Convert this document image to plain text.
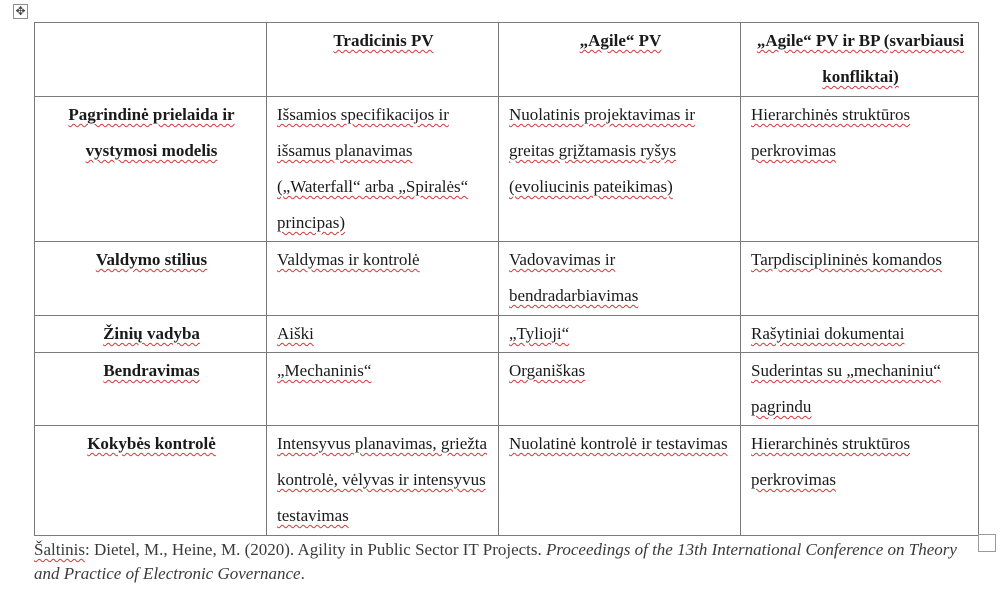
✥
	Tradicinis PV	„Agile“ PV	„Agile“ PV ir BP (svarbiausi konfliktai)
Pagrindinė prielaida ir vystymosi modelis	Išsamios specifikacijos ir išsamus planavimas („Waterfall“ arba „Spiralės“ principas)	Nuolatinis projektavimas ir greitas grįžtamasis ryšys (evoliucinis pateikimas)	Hierarchinės struktūros perkrovimas
Valdymo stilius	Valdymas ir kontrolė	Vadovavimas ir bendradarbiavimas	Tarpdisciplininės komandos
Žinių vadyba	Aiški	„Tylioji“	Rašytiniai dokumentai
Bendravimas	„Mechaninis“	Organiškas	Suderintas su „mechaniniu“ pagrindu
Kokybės kontrolė	Intensyvus planavimas, griežta kontrolė, vėlyvas ir intensyvus testavimas	Nuolatinė kontrolė ir testavimas	Hierarchinės struktūros perkrovimas
Šaltinis: Dietel, M., Heine, M. (2020). Agility in Public Sector IT Projects. Proceedings of the 13th International Conference on Theory and Practice of Electronic Governance.
